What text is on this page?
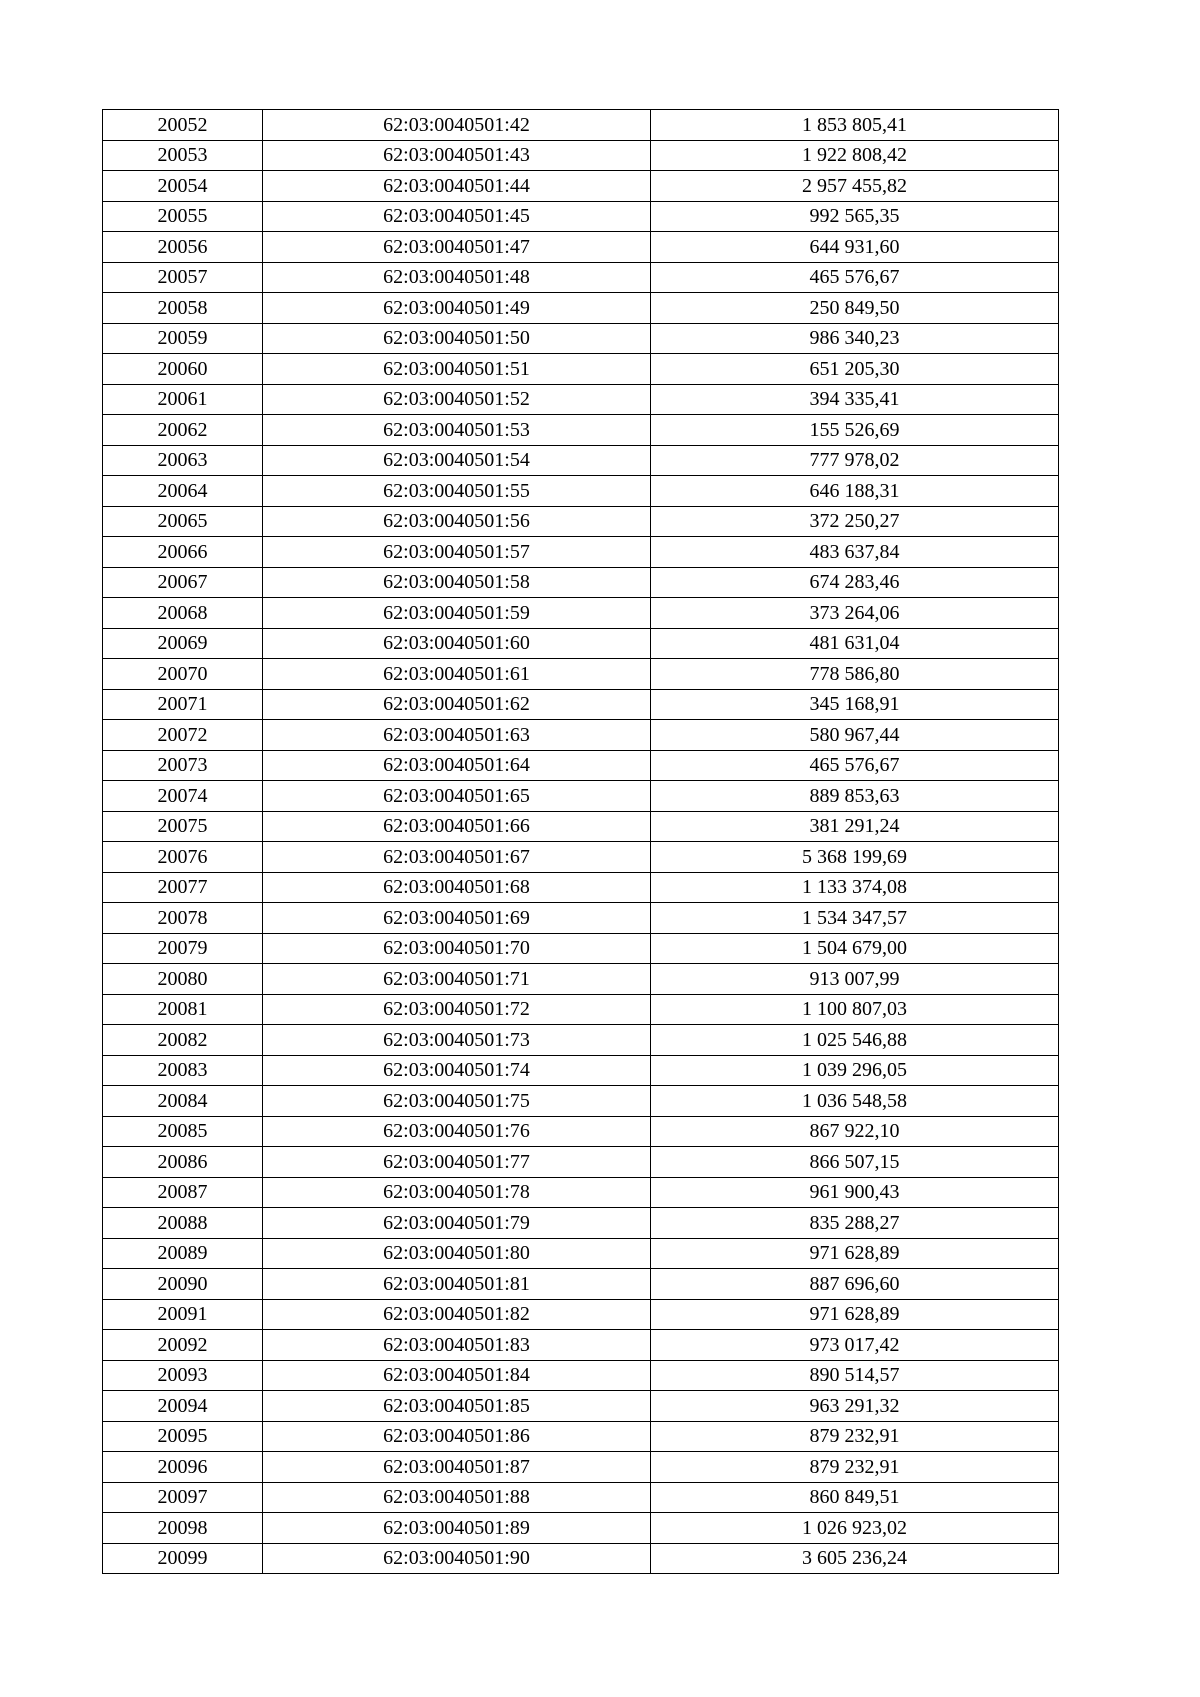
20052	62:03:0040501:42	1 853 805,41
20053	62:03:0040501:43	1 922 808,42
20054	62:03:0040501:44	2 957 455,82
20055	62:03:0040501:45	992 565,35
20056	62:03:0040501:47	644 931,60
20057	62:03:0040501:48	465 576,67
20058	62:03:0040501:49	250 849,50
20059	62:03:0040501:50	986 340,23
20060	62:03:0040501:51	651 205,30
20061	62:03:0040501:52	394 335,41
20062	62:03:0040501:53	155 526,69
20063	62:03:0040501:54	777 978,02
20064	62:03:0040501:55	646 188,31
20065	62:03:0040501:56	372 250,27
20066	62:03:0040501:57	483 637,84
20067	62:03:0040501:58	674 283,46
20068	62:03:0040501:59	373 264,06
20069	62:03:0040501:60	481 631,04
20070	62:03:0040501:61	778 586,80
20071	62:03:0040501:62	345 168,91
20072	62:03:0040501:63	580 967,44
20073	62:03:0040501:64	465 576,67
20074	62:03:0040501:65	889 853,63
20075	62:03:0040501:66	381 291,24
20076	62:03:0040501:67	5 368 199,69
20077	62:03:0040501:68	1 133 374,08
20078	62:03:0040501:69	1 534 347,57
20079	62:03:0040501:70	1 504 679,00
20080	62:03:0040501:71	913 007,99
20081	62:03:0040501:72	1 100 807,03
20082	62:03:0040501:73	1 025 546,88
20083	62:03:0040501:74	1 039 296,05
20084	62:03:0040501:75	1 036 548,58
20085	62:03:0040501:76	867 922,10
20086	62:03:0040501:77	866 507,15
20087	62:03:0040501:78	961 900,43
20088	62:03:0040501:79	835 288,27
20089	62:03:0040501:80	971 628,89
20090	62:03:0040501:81	887 696,60
20091	62:03:0040501:82	971 628,89
20092	62:03:0040501:83	973 017,42
20093	62:03:0040501:84	890 514,57
20094	62:03:0040501:85	963 291,32
20095	62:03:0040501:86	879 232,91
20096	62:03:0040501:87	879 232,91
20097	62:03:0040501:88	860 849,51
20098	62:03:0040501:89	1 026 923,02
20099	62:03:0040501:90	3 605 236,24
